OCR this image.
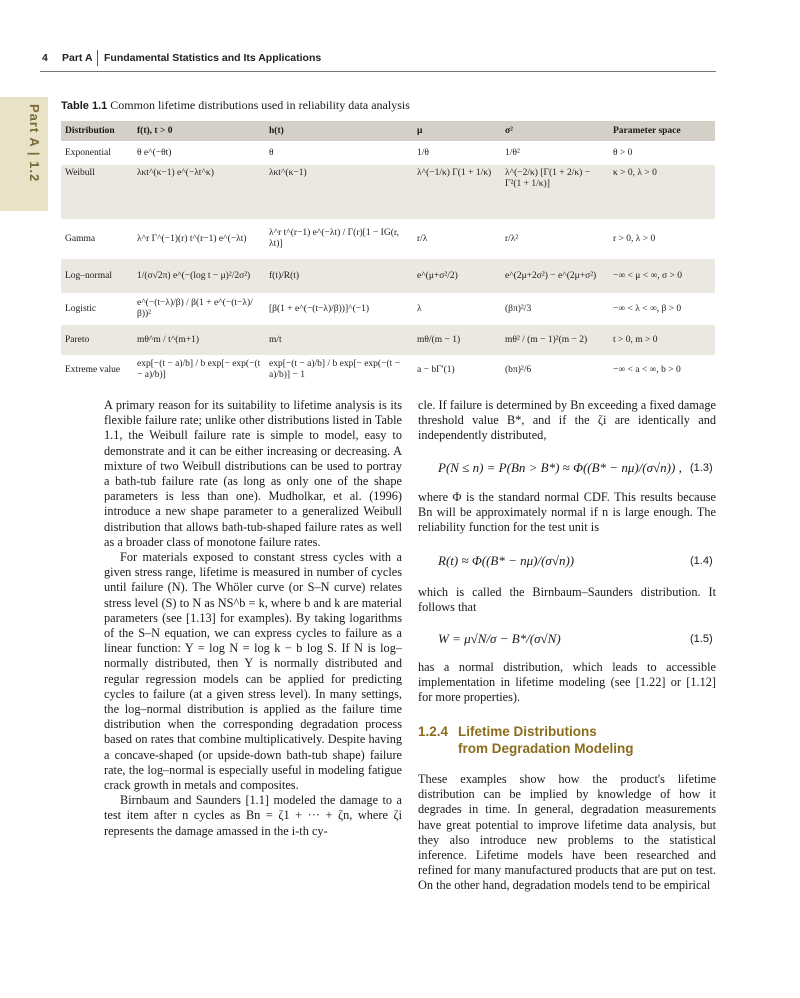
4 Part A Fundamental Statistics and Its Applications
Part A | 1.2 Table 1.1 Common lifetime distributions used in reliability data analysis
Distribution	f(t), t > 0	h(t)	μ	σ²	Parameter space
Exponential	θ e^(−θt)	θ	1/θ	1/θ²	θ > 0
Weibull	λκt^(κ−1) e^(−λt^κ)	λκt^(κ−1)	λ^(−1/κ) Γ(1 + 1/κ)	λ^(−2/κ) [Γ(1 + 2/κ) − Γ²(1 + 1/κ)]	κ > 0, λ > 0
Gamma	λ^r Γ^(−1)(r) t^(r−1) e^(−λt)	λ^r t^(r−1) e^(−λt) / Γ(r)[1 − IG(r, λt)]	r/λ	r/λ²	r > 0, λ > 0
Log–normal	1/(σ√2π) e^(−(log t − μ)²/2σ²)	f(t)/R(t)	e^(μ+σ²/2)	e^(2μ+2σ²) − e^(2μ+σ²)	−∞ < μ < ∞, σ > 0
Logistic	e^(−(t−λ)/β) / β(1 + e^(−(t−λ)/β))²	[β(1 + e^(−(t−λ)/β))]^(−1)	λ	(βπ)²/3	−∞ < λ < ∞, β > 0
Pareto	mθ^m / t^(m+1)	m/t	mθ/(m − 1)	mθ² / (m − 1)²(m − 2)	t > 0, m > 0
Extreme value	exp[−(t − a)/b] / b exp[− exp(−(t − a)/b)]	exp[−(t − a)/b] / b exp[− exp(−(t − a)/b)] − 1	a − bΓ′(1)	(bπ)²/6	−∞ < a < ∞, b > 0

A primary reason for its suitability to lifetime analysis is its flexible failure rate; unlike other distributions listed in Table 1.1, the Weibull failure rate is simple to model, easy to demonstrate and it can be either increasing or decreasing. A mixture of two Weibull distributions can be used to portray a bath-tub failure rate (as long as only one of the shape parameters is less than one). Mudholkar, et al. (1996) introduce a new shape parameter to a generalized Weibull distribution that allows bath-tub-shaped failure rates as well as a broader class of monotone failure rates.

For materials exposed to constant stress cycles with a given stress range, lifetime is measured in number of cycles until failure (N). The Whöler curve (or S–N curve) relates stress level (S) to N as NS^b = k, where b and k are material parameters (see [1.13] for examples). By taking logarithms of the S–N equation, we can express cycles to failure as a linear function: Y = log N = log k − b log S. If N is log–normally distributed, then Y is normally distributed and regular regression models can be applied for predicting cycles to failure (at a given stress level). In many settings, the log–normal distribution is applied as the failure time distribution when the corresponding degradation process based on rates that combine multiplicatively. Despite having a concave-shaped (or upside-down bath-tub shape) failure rate, the log–normal is especially useful in modeling fatigue crack growth in metals and composites.

Birnbaum and Saunders [1.1] modeled the damage to a test item after n cycles as Bn = ζ1 + ··· + ζn, where ζi represents the damage amassed in the i-th cy-

cle. If failure is determined by Bn exceeding a fixed damage threshold value B*, and if the ζi are identically and independently distributed,
P(N ≤ n) = P(Bn > B*) ≈ Φ((B* − nμ)/(σ√n)) , (1.3)
where Φ is the standard normal CDF. This results because Bn will be approximately normal if n is large enough. The reliability function for the test unit is
R(t) ≈ Φ((B* − nμ)/(σ√n))	(1.4)
which is called the Birnbaum–Saunders distribution. It follows that
W = μ√N/σ − B*/(σ√N)	(1.5)
has a normal distribution, which leads to accessible implementation in lifetime modeling (see [1.22] or [1.12] for more properties).
1.2.4 Lifetime Distributions
from Degradation Modeling
These examples show how the product's lifetime distribution can be implied by knowledge of how it degrades in time. In general, degradation measurements have great potential to improve lifetime data analysis, but they also introduce new problems to the statistical inference. Lifetime models have been researched and refined for many manufactured products that are put on test. On the other hand, degradation models tend to be empirical
